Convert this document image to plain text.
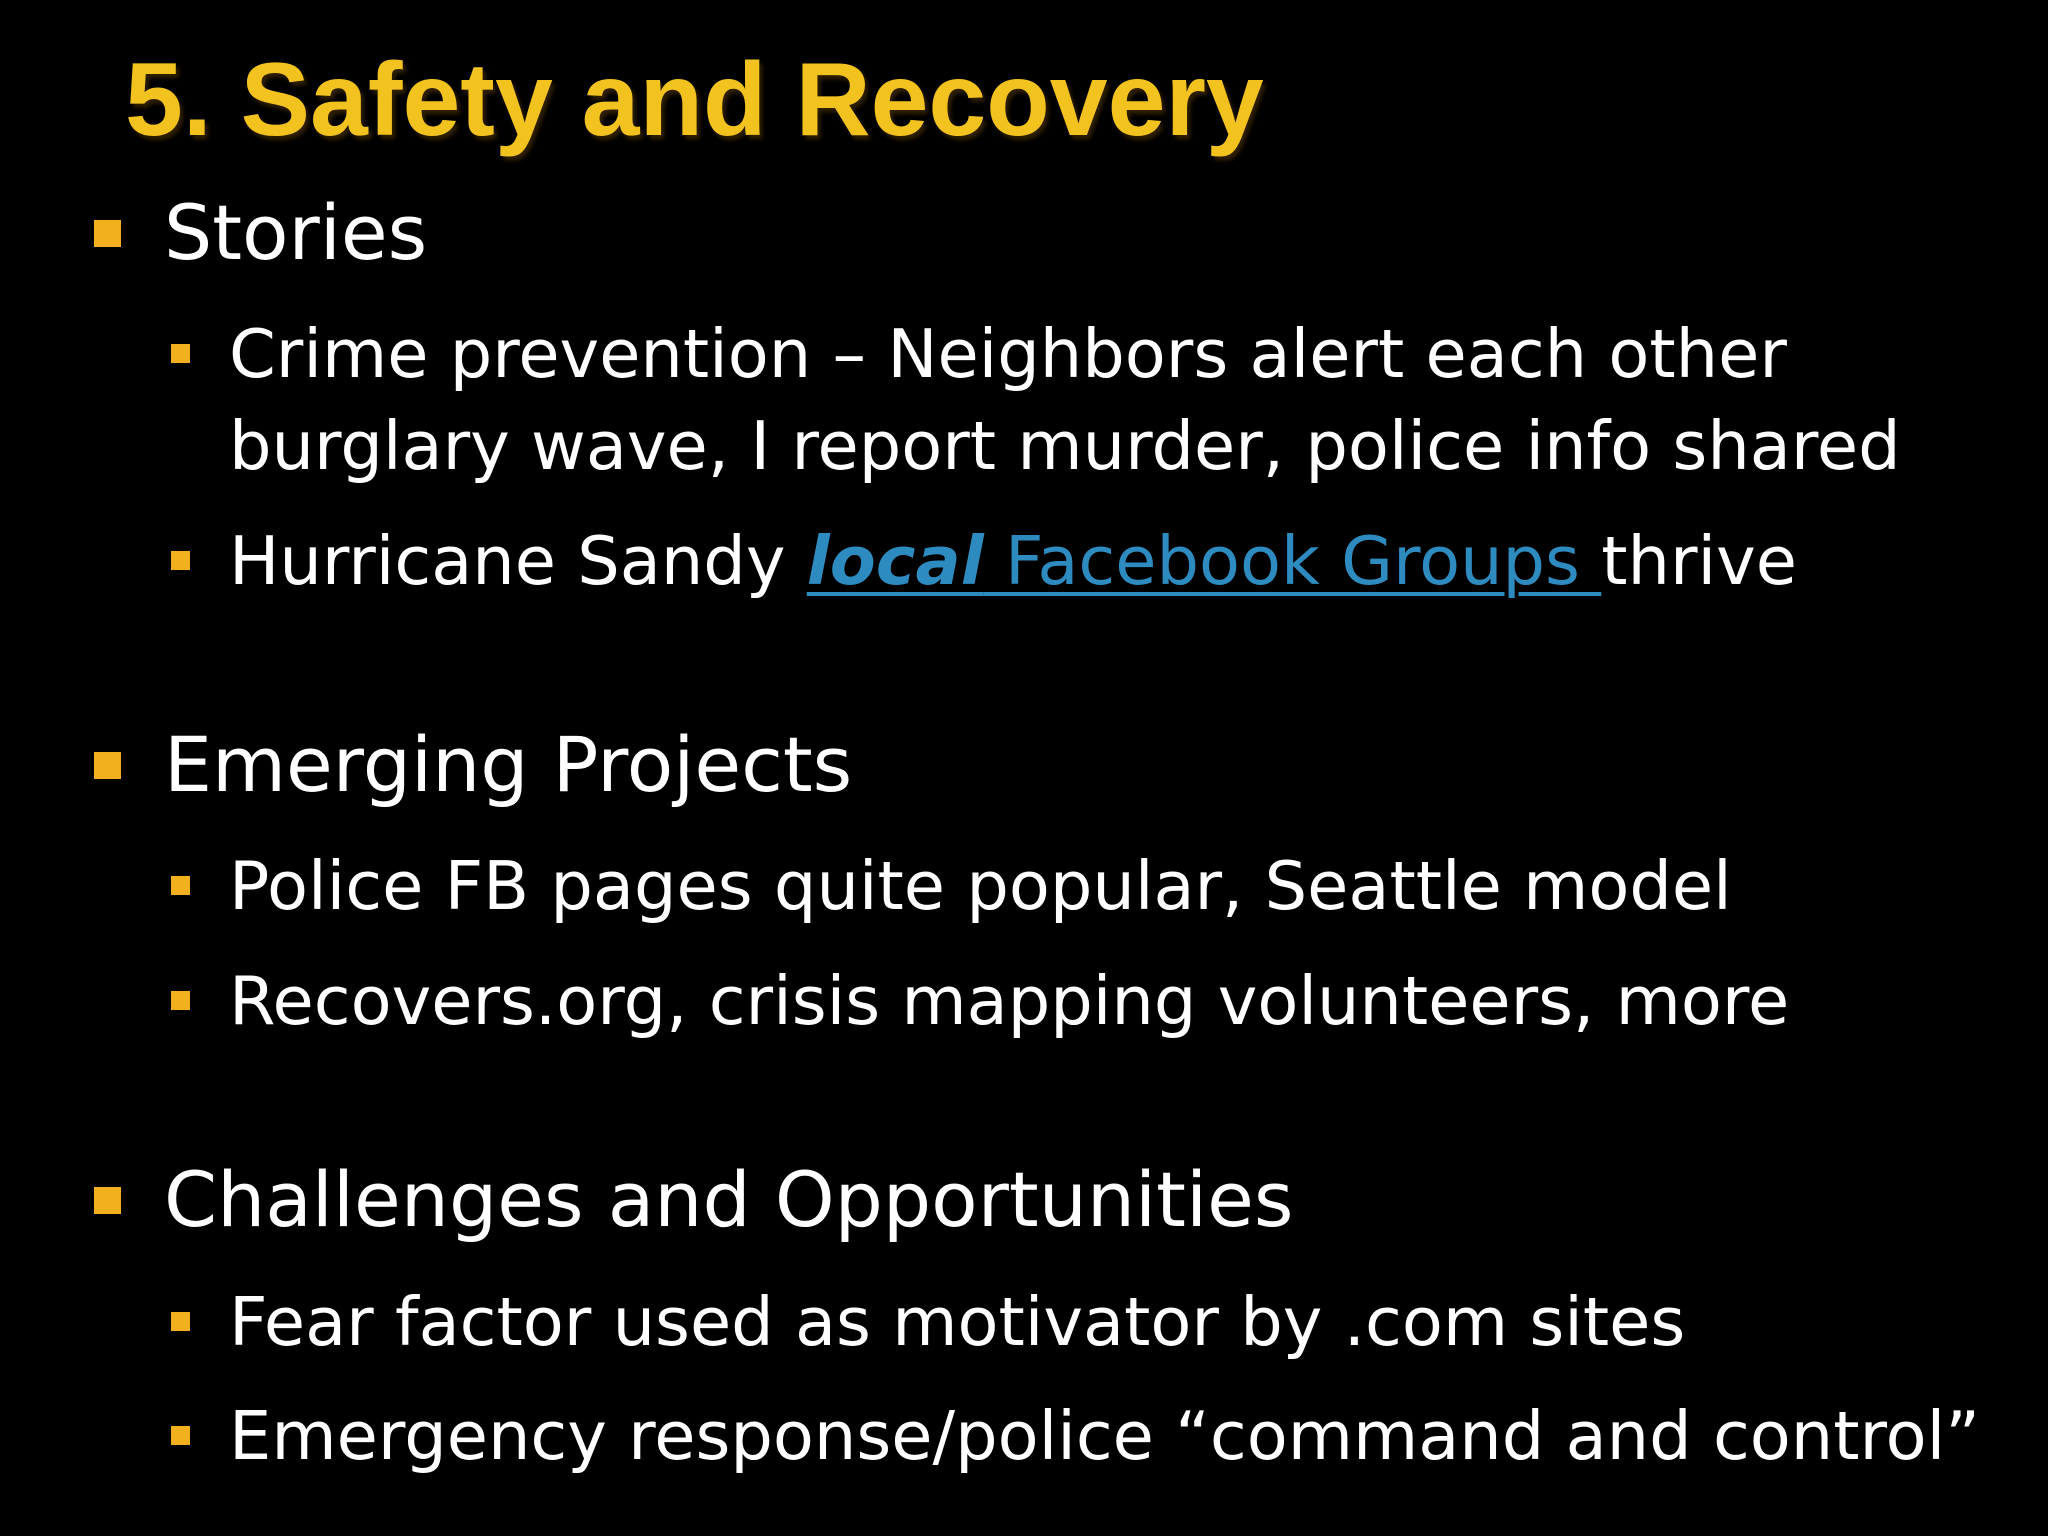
5. Safety and Recovery
Stories
Crime prevention – Neighbors alert each other
burglary wave, I report murder, police info shared
Hurricane Sandy local Facebook Groups thrive
Emerging Projects
Police FB pages quite popular, Seattle model
Recovers.org, crisis mapping volunteers, more
Challenges and Opportunities
Fear factor used as motivator by .com sites
Emergency response/police “command and control”
